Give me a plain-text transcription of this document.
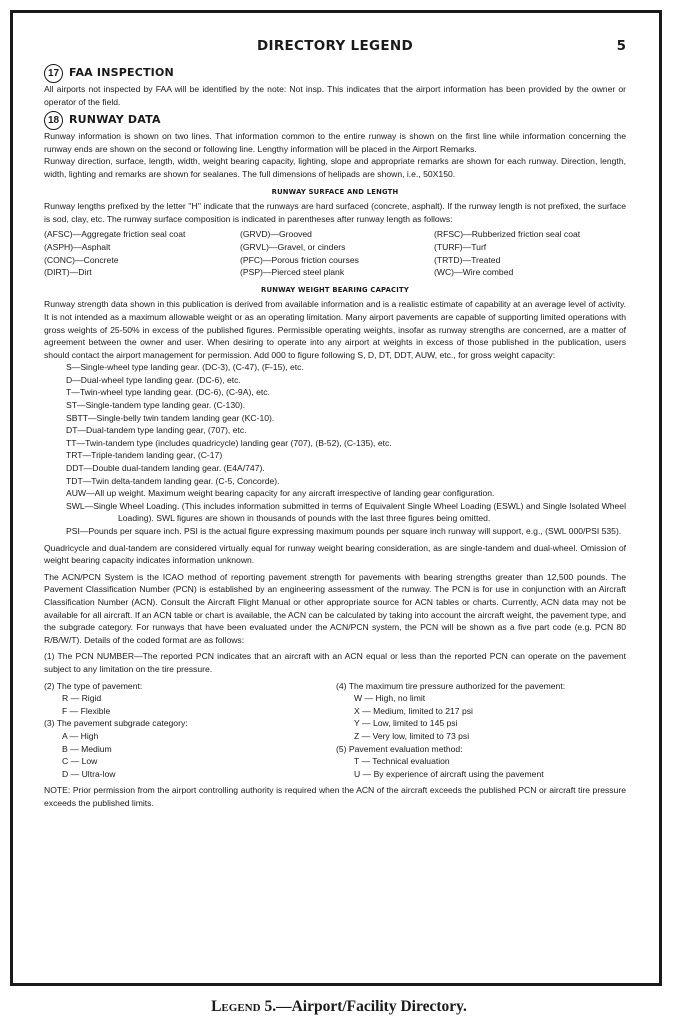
DIRECTORY LEGEND	5
17 FAA INSPECTION

All airports not inspected by FAA will be identified by the note: Not insp. This indicates that the airport information has been provided by the owner or operator of the field.

18 RUNWAY DATA

Runway information is shown on two lines. That information common to the entire runway is shown on the first line while information concerning the runway ends are shown on the second or following line. Lengthy information will be placed in the Airport Remarks.

Runway direction, surface, length, width, weight bearing capacity, lighting, slope and appropriate remarks are shown for each runway. Direction, length, width, lighting and remarks are shown for sealanes. The full dimensions of helipads are shown, i.e., 50X150.

RUNWAY SURFACE AND LENGTH

Runway lengths prefixed by the letter ''H'' indicate that the runways are hard surfaced (concrete, asphalt). If the runway length is not prefixed, the surface is sod, clay, etc. The runway surface composition is indicated in parentheses after runway length as follows:

(AFSC)—Aggregate friction seal coat	(GRVD)—Grooved	(RFSC)—Rubberized friction seal coat
(ASPH)—Asphalt	(GRVL)—Gravel, or cinders	(TURF)—Turf
(CONC)—Concrete	(PFC)—Porous friction courses	(TRTD)—Treated
(DIRT)—Dirt	(PSP)—Pierced steel plank	(WC)—Wire combed
RUNWAY WEIGHT BEARING CAPACITY

Runway strength data shown in this publication is derived from available information and is a realistic estimate of capability at an average level of activity. It is not intended as a maximum allowable weight or as an operating limitation. Many airport pavements are capable of supporting limited operations with gross weights of 25-50% in excess of the published figures. Permissible operating weights, insofar as runway strengths are concerned, are a matter of agreement between the owner and user. When desiring to operate into any airport at weights in excess of those published in the publication, users should contact the airport management for permission. Add 000 to figure following S, D, DT, DDT, AUW, etc., for gross weight capacity:

S—Single-wheel type landing gear. (DC-3), (C-47), (F-15), etc.
D—Dual-wheel type landing gear. (DC-6), etc.
T—Twin-wheel type landing gear. (DC-6), (C-9A), etc.
ST—Single-tandem type landing gear. (C-130).
SBTT—Single-belly twin tandem landing gear (KC-10).
DT—Dual-tandem type landing gear, (707), etc.
TT—Twin-tandem type (includes quadricycle) landing gear (707), (B-52), (C-135), etc.
TRT—Triple-tandem landing gear, (C-17)
DDT—Double dual-tandem landing gear. (E4A/747).
TDT—Twin delta-tandem landing gear. (C-5, Concorde).
AUW—All up weight. Maximum weight bearing capacity for any aircraft irrespective of landing gear configuration.

SWL—Single Wheel Loading. (This includes information submitted in terms of Equivalent Single Wheel Loading (ESWL) and Single Isolated Wheel Loading). SWL figures are shown in thousands of pounds with the last three figures being omitted.

PSI—Pounds per square inch. PSI is the actual figure expressing maximum pounds per square inch runway will support, e.g., (SWL 000/PSI 535).

Quadricycle and dual-tandem are considered virtually equal for runway weight bearing consideration, as are single-tandem and dual-wheel. Omission of weight bearing capacity indicates information unknown.

The ACN/PCN System is the ICAO method of reporting pavement strength for pavements with bearing strengths greater than 12,500 pounds. The Pavement Classification Number (PCN) is established by an engineering assessment of the runway. The PCN is for use in conjunction with an Aircraft Classification Number (ACN). Consult the Aircraft Flight Manual or other appropriate source for ACN tables or charts. Currently, ACN data may not be available for all aircraft. If an ACN table or chart is available, the ACN can be calculated by taking into account the aircraft weight, the pavement type, and the subgrade category. For runways that have been evaluated under the ACN/PCN system, the PCN will be shown as a five part code (e.g. PCN 80 R/B/W/T). Details of the coded format are as follows:

(1) The PCN NUMBER—The reported PCN indicates that an aircraft with an ACN equal or less than the reported PCN can operate on the pavement subject to any limitation on the tire pressure.

(2) The type of pavement:
R — Rigid
F — Flexible
(3) The pavement subgrade category:
A — High
B — Medium
C — Low
D — Ultra-low
(4) The maximum tire pressure authorized for the pavement:
W — High, no limit
X — Medium, limited to 217 psi
Y — Low, limited to 145 psi
Z — Very low, limited to 73 psi
(5) Pavement evaluation method:
T — Technical evaluation
U — By experience of aircraft using the pavement

NOTE: Prior permission from the airport controlling authority is required when the ACN of the aircraft exceeds the published PCN or aircraft tire pressure exceeds the published limits.

Legend 5.—Airport/Facility Directory.
